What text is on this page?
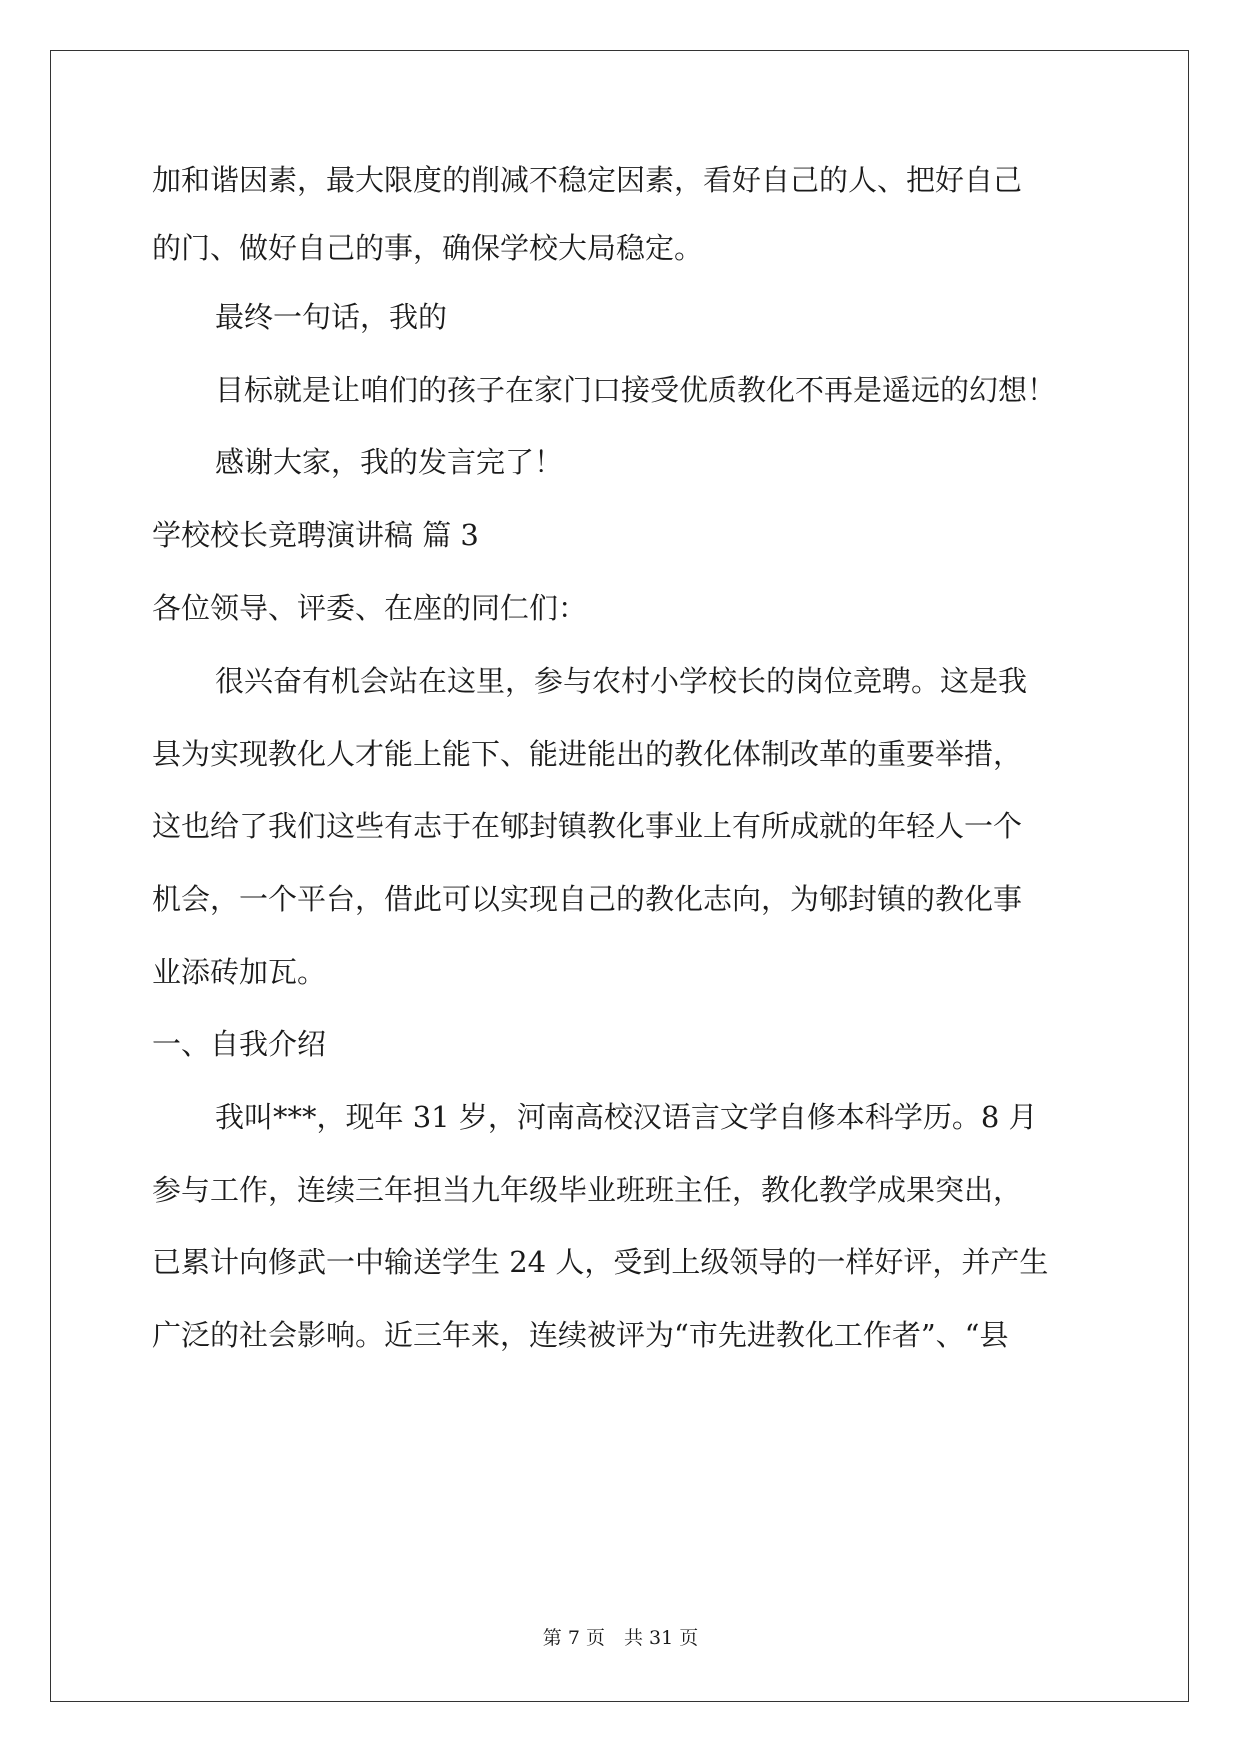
加和谐因素，最大限度的削减不稳定因素，看好自己的人、把好自己
的门、做好自己的事，确保学校大局稳定。
最终一句话，我的
目标就是让咱们的孩子在家门口接受优质教化不再是遥远的幻想！
感谢大家，我的发言完了！
学校校长竞聘演讲稿 篇 3
各位领导、评委、在座的同仁们：
很兴奋有机会站在这里，参与农村小学校长的岗位竞聘。这是我
县为实现教化人才能上能下、能进能出的教化体制改革的重要举措，
这也给了我们这些有志于在郇封镇教化事业上有所成就的年轻人一个
机会，一个平台，借此可以实现自己的教化志向，为郇封镇的教化事
业添砖加瓦。
一、自我介绍
我叫***，现年 31 岁，河南高校汉语言文学自修本科学历。8 月
参与工作，连续三年担当九年级毕业班班主任，教化教学成果突出，
已累计向修武一中输送学生 24 人，受到上级领导的一样好评，并产生
广泛的社会影响。近三年来，连续被评为“市先进教化工作者”、“县
第 7 页　共 31 页
